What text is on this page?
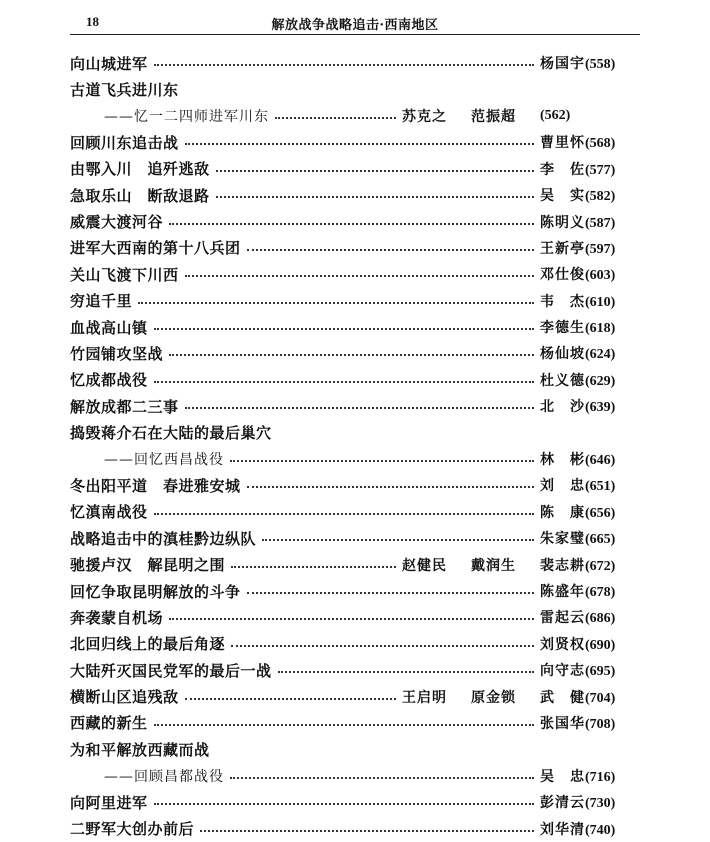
18	解放战争战略追击·西南地区
向山城进军	杨国宇(558)
古道飞兵进川东
——忆一二四师进军川东	苏克之 范振超 (562)
回顾川东追击战	曹里怀(568)
由鄂入川　追歼逃敌	李　佐(577)
急取乐山　断敌退路	吴　实(582)
威震大渡河谷	陈明义(587)
进军大西南的第十八兵团	王新亭(597)
关山飞渡下川西	邓仕俊(603)
穷追千里	韦　杰(610)
血战高山镇	李德生(618)
竹园铺攻坚战	杨仙坡(624)
忆成都战役	杜义德(629)
解放成都二三事	北　沙(639)
捣毁蒋介石在大陆的最后巢穴
——回忆西昌战役	林　彬(646)
冬出阳平道　春进雅安城	刘　忠(651)
忆滇南战役	陈　康(656)
战略追击中的滇桂黔边纵队	朱家璧(665)
驰援卢汉　解昆明之围	赵健民 戴润生 裴志耕(672)
回忆争取昆明解放的斗争	陈盛年(678)
奔袭蒙自机场	雷起云(686)
北回归线上的最后角逐	刘贤权(690)
大陆歼灭国民党军的最后一战	向守志(695)
横断山区追残敌	王启明 原金锁 武　健(704)
西藏的新生	张国华(708)
为和平解放西藏而战
——回顾昌都战役	吴　忠(716)
向阿里进军	彭清云(730)
二野军大创办前后	刘华清(740)
